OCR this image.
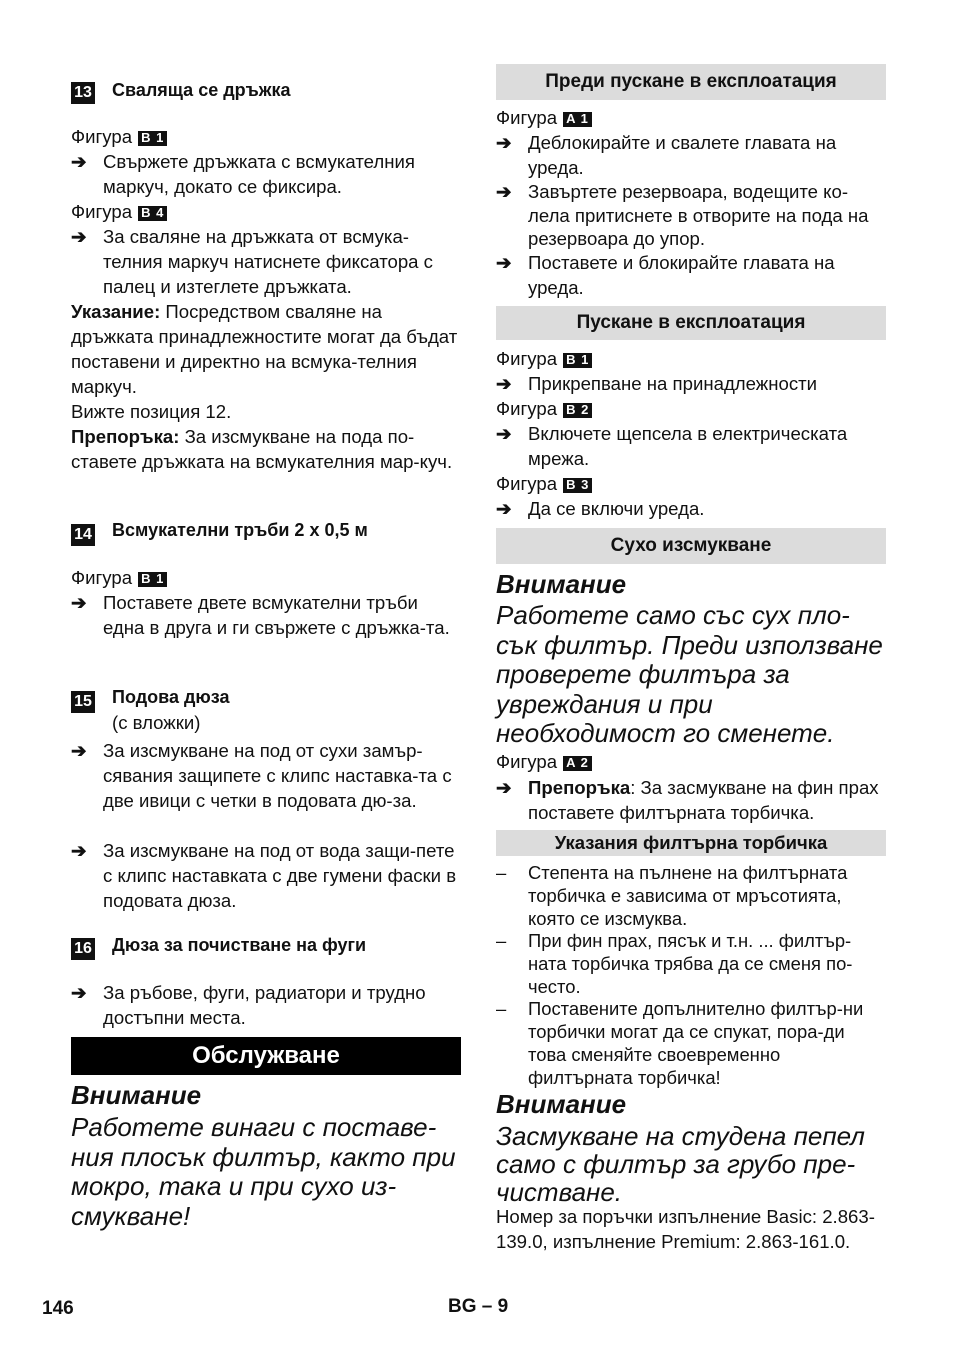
13 Сваляща се дръжка
Фигура B 1
➔ Свържете дръжката с всмукателния маркуч, докато се фиксира.
Фигура B 4
➔ За сваляне на дръжката от всмука-телния маркуч натиснете фиксатора с палец и изтеглете дръжката.
Указание: Посредством сваляне на дръжката принадлежностите могат да бъдат поставени и директно на всмука-телния маркуч.
Вижте позиция 12.
Препоръка: За изсмукване на пода по-ставете дръжката на всмукателния мар-куч.
14 Всмукателни тръби 2 x 0,5 м
Фигура B 1
➔ Поставете двете всмукателни тръби една в друга и ги свържете с дръжка-та.
15 Подова дюза
(с вложки)
➔ За изсмукване на под от сухи замър-сявания защипете с клипс наставка-та с две ивици с четки в подовата дю-за.
➔ За изсмукване на под от вода защи-пете с клипс наставката с две гумени фаски в подовата дюза.
16 Дюза за почистване на фуги
➔ За ръбове, фуги, радиатори и трудно достъпни места.
Обслужване
Внимание
Работете винаги с поставе-ния плосък филтър, както при мокро, така и при сухо из-смукване!
Преди пускане в експлоатация
Фигура A 1
➔ Деблокирайте и свалете главата на уреда.
➔ Завъртете резервоара, водещите ко-лела притиснете в отворите на пода на резервоара до упор.
➔ Поставете и блокирайте главата на уреда.
Пускане в експлоатация
Фигура B 1
➔ Прикрепване на принадлежности
Фигура B 2
➔ Включете щепсела в електрическата мрежа.
Фигура B 3
➔ Да се включи уреда.
Сухо изсмукване
Внимание
Работете само със сух пло-сък филтър. Преди използване проверете филтъра за увреждания и при необходимост го сменете.
Фигура A 2
➔ Препоръка: За засмукване на фин прах поставете филтърната торбичка.
Указания филтърна торбичка
–	Степента на пълнене на филтърната торбичка е зависима от мръсотията, която се изсмуква.
–	При фин прах, пясък и т.н. ... филтър-ната торбичка трябва да се сменя по-често.
–	Поставените допълнително филтър-ни торбички могат да се спукат, пора-ди това сменяйте своевременно филтърната торбичка!
Внимание
Засмукване на студена пепел само с филтър за грубо пре-чистване.
Номер за поръчки изпълнение Basic: 2.863-139.0, изпълнение Premium: 2.863-161.0.
146	BG – 9
